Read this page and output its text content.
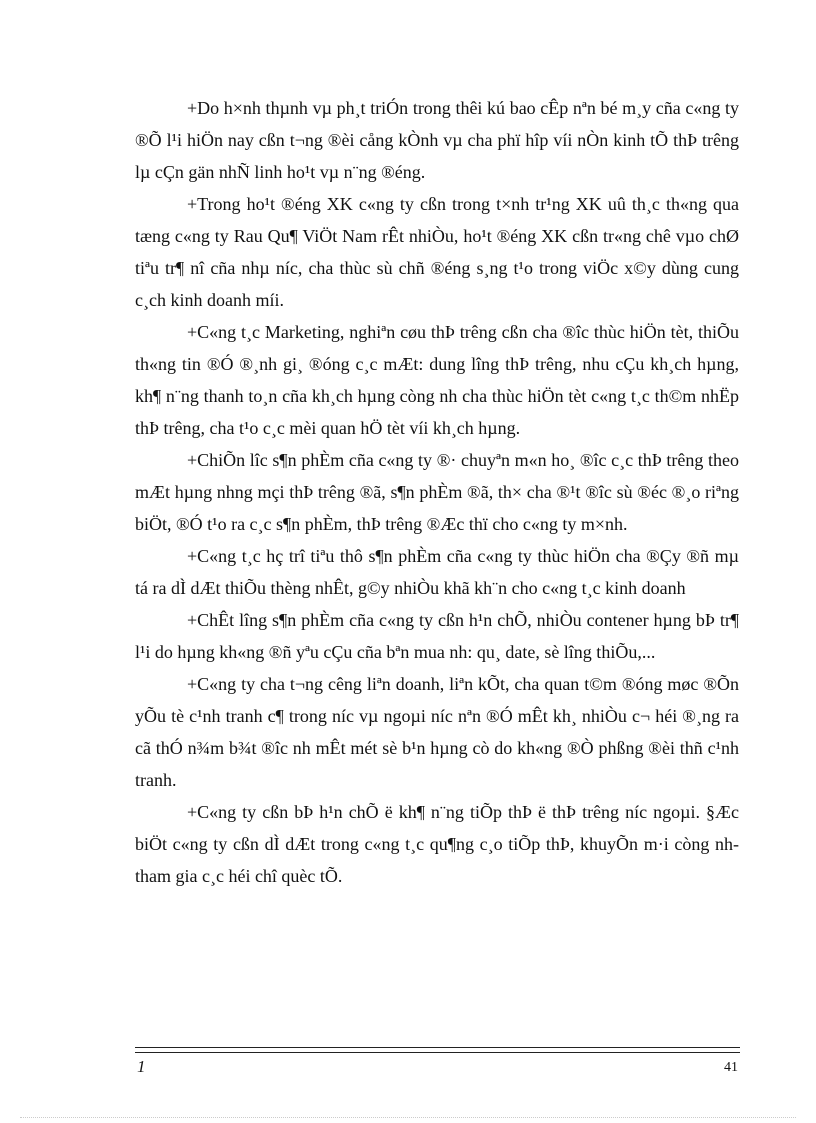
+Do h×nh thµnh vµ ph¸t triÓn trong thêi kú bao cÊp nªn bé m¸y cña c«ng ty ®Õ l¹i hiÖn nay cßn t¬ng ®èi cång kÒnh vµ cha phï hîp víi nÒn kinh tÕ thÞ trêng lµ cÇn gän nhÑ linh ho¹t vµ n¨ng ®éng.

+Trong ho¹t ®éng XK c«ng ty cßn trong t×nh tr¹ng XK uû th¸c th«ng qua tæng c«ng ty Rau Qu¶ ViÖt Nam rÊt nhiÒu, ho¹t ®éng XK cßn tr«ng chê vµo chØ tiªu tr¶ nî cña nhµ níc, cha thùc sù chñ ®éng s¸ng t¹o trong viÖc x©y dùng cung c¸ch kinh doanh míi.

+C«ng t¸c Marketing, nghiªn cøu thÞ trêng cßn cha ®îc thùc hiÖn tèt, thiÕu th«ng tin ®Ó ®¸nh gi¸ ®óng c¸c mÆt: dung lîng thÞ trêng, nhu cÇu kh¸ch hµng, kh¶ n¨ng thanh to¸n cña kh¸ch hµng còng nh cha thùc hiÖn tèt c«ng t¸c th©m nhËp thÞ trêng, cha t¹o c¸c mèi quan hÖ tèt víi kh¸ch hµng.

+ChiÕn lîc s¶n phÈm cña c«ng ty ®· chuyªn m«n ho¸ ®îc c¸c thÞ trêng theo mÆt hµng nhng mçi thÞ trêng ®ã, s¶n phÈm ®ã, th× cha ®¹t ®îc sù ®éc ®¸o riªng biÖt, ®Ó t¹o ra c¸c s¶n phÈm, thÞ trêng ®Æc thï cho c«ng ty m×nh.

+C«ng t¸c hç trî tiªu thô s¶n phÈm cña c«ng ty thùc hiÖn cha ®Çy ®ñ mµ tá ra dÌ dÆt thiÕu thèng nhÊt, g©y nhiÒu khã kh¨n cho c«ng t¸c kinh doanh

+ChÊt lîng s¶n phÈm cña c«ng ty cßn h¹n chÕ, nhiÒu contener hµng bÞ tr¶ l¹i do hµng kh«ng ®ñ yªu cÇu cña bªn mua nh: qu¸ date, sè lîng thiÕu,...

+C«ng ty cha t¬ng cêng liªn doanh, liªn kÕt, cha quan t©m ®óng møc ®Õn yÕu tè c¹nh tranh c¶ trong níc vµ ngoµi níc nªn ®Ó mÊt kh¸ nhiÒu c¬ héi ®¸ng ra cã thÓ n¾m b¾t ®îc nh mÊt mét sè b¹n hµng cò do kh«ng ®Ò phßng ®èi thñ c¹nh tranh.

+C«ng ty cßn bÞ h¹n chÕ ë kh¶ n¨ng tiÕp thÞ ë thÞ trêng níc ngoµi. §Æc biÖt c«ng ty cßn dÌ dÆt trong c«ng t¸c qu¶ng c¸o tiÕp thÞ, khuyÕn m·i còng nh tham gia c¸c héi chî quèc tÕ.

1	41
